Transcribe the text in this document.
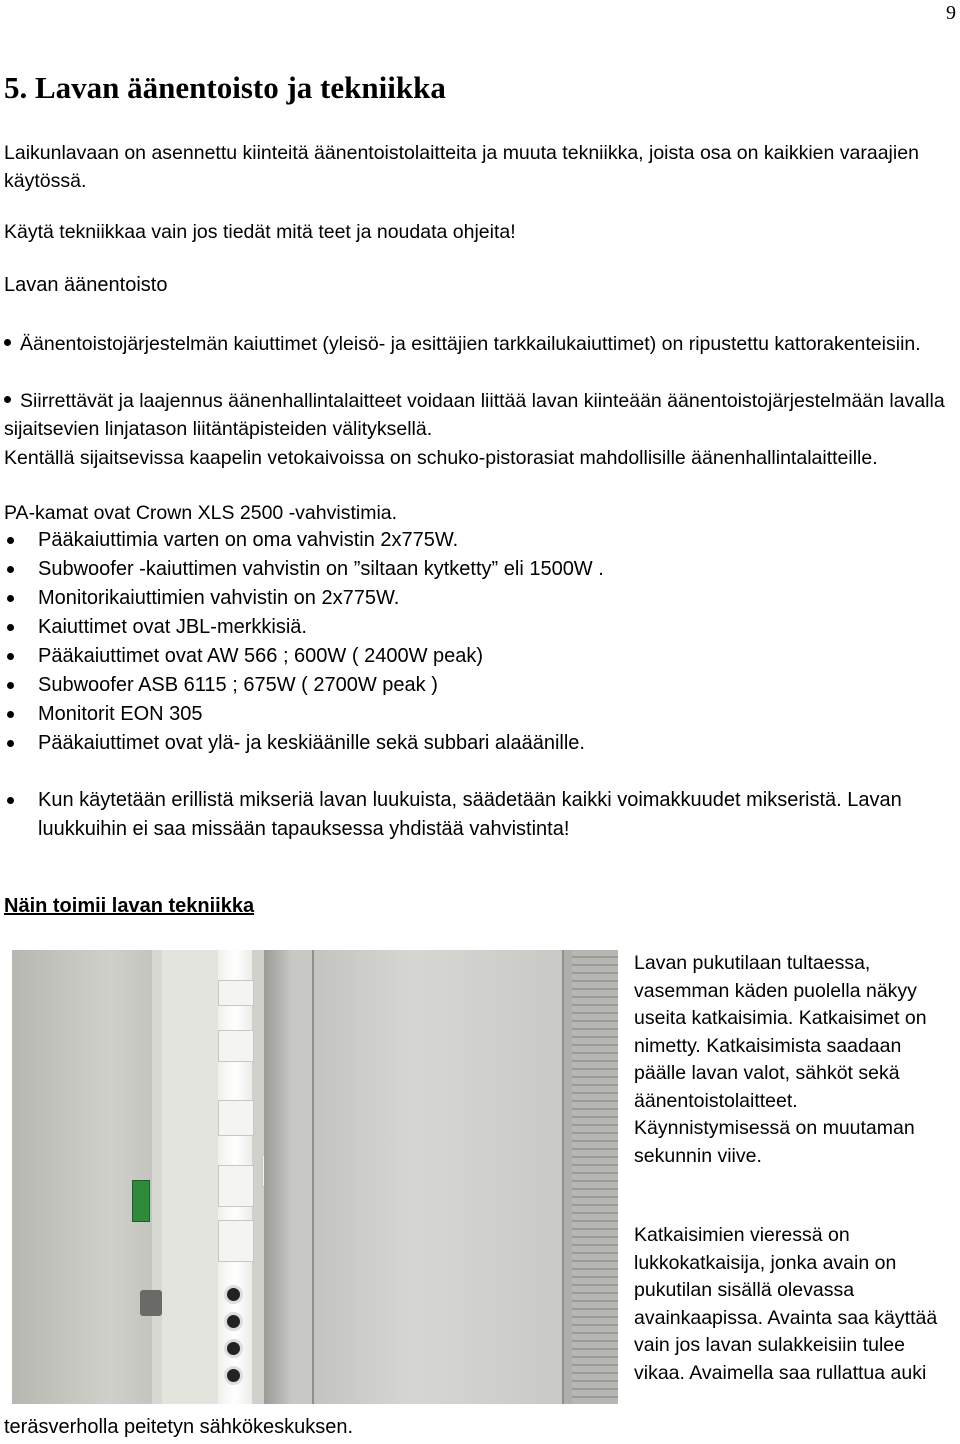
9
5. Lavan äänentoisto ja tekniikka
Laikunlavaan on asennettu kiinteitä äänentoistolaitteita ja muuta tekniikka, joista osa on kaikkien varaajien käytössä.
Käytä tekniikkaa vain jos tiedät mitä teet ja noudata ohjeita!
Lavan äänentoisto
Äänentoistojärjestelmän kaiuttimet (yleisö- ja esittäjien tarkkailukaiuttimet) on ripustettu kattorakenteisiin.
Siirrettävät ja laajennus äänenhallintalaitteet voidaan liittää lavan kiinteään äänentoistojärjestelmään lavalla sijaitsevien linjatason liitäntäpisteiden välityksellä.
Kentällä sijaitsevissa kaapelin vetokaivoissa on schuko-pistorasiat mahdollisille äänenhallintalaitteille.
PA-kamat ovat Crown XLS 2500 -vahvistimia.
Pääkaiuttimia varten on oma vahvistin 2x775W.
Subwoofer -kaiuttimen vahvistin on ”siltaan kytketty” eli 1500W .
Monitorikaiuttimien vahvistin on 2x775W.
Kaiuttimet ovat JBL-merkkisiä.
Pääkaiuttimet ovat AW 566 ; 600W ( 2400W peak)
Subwoofer ASB 6115 ; 675W ( 2700W peak )
Monitorit EON 305
Pääkaiuttimet ovat ylä- ja keskiäänille sekä subbari alaäänille.
Kun käytetään erillistä mikseriä lavan luukuista, säädetään kaikki voimakkuudet mikseristä. Lavan luukkuihin ei saa missään tapauksessa yhdistää vahvistinta!
Näin toimii lavan tekniikka
Lavan pukutilaan tultaessa, vasemman käden puolella näkyy useita katkaisimia. Katkaisimet on nimetty. Katkaisimista saadaan päälle lavan valot, sähköt sekä äänentoistolaitteet. Käynnistymisessä on muutaman sekunnin viive.
Katkaisimien vieressä on lukkokatkaisija, jonka avain on pukutilan sisällä olevassa avainkaapissa. Avainta saa käyttää vain jos lavan sulakkeisiin tulee vikaa. Avaimella saa rullattua auki
teräsverholla peitetyn sähkökeskuksen.
